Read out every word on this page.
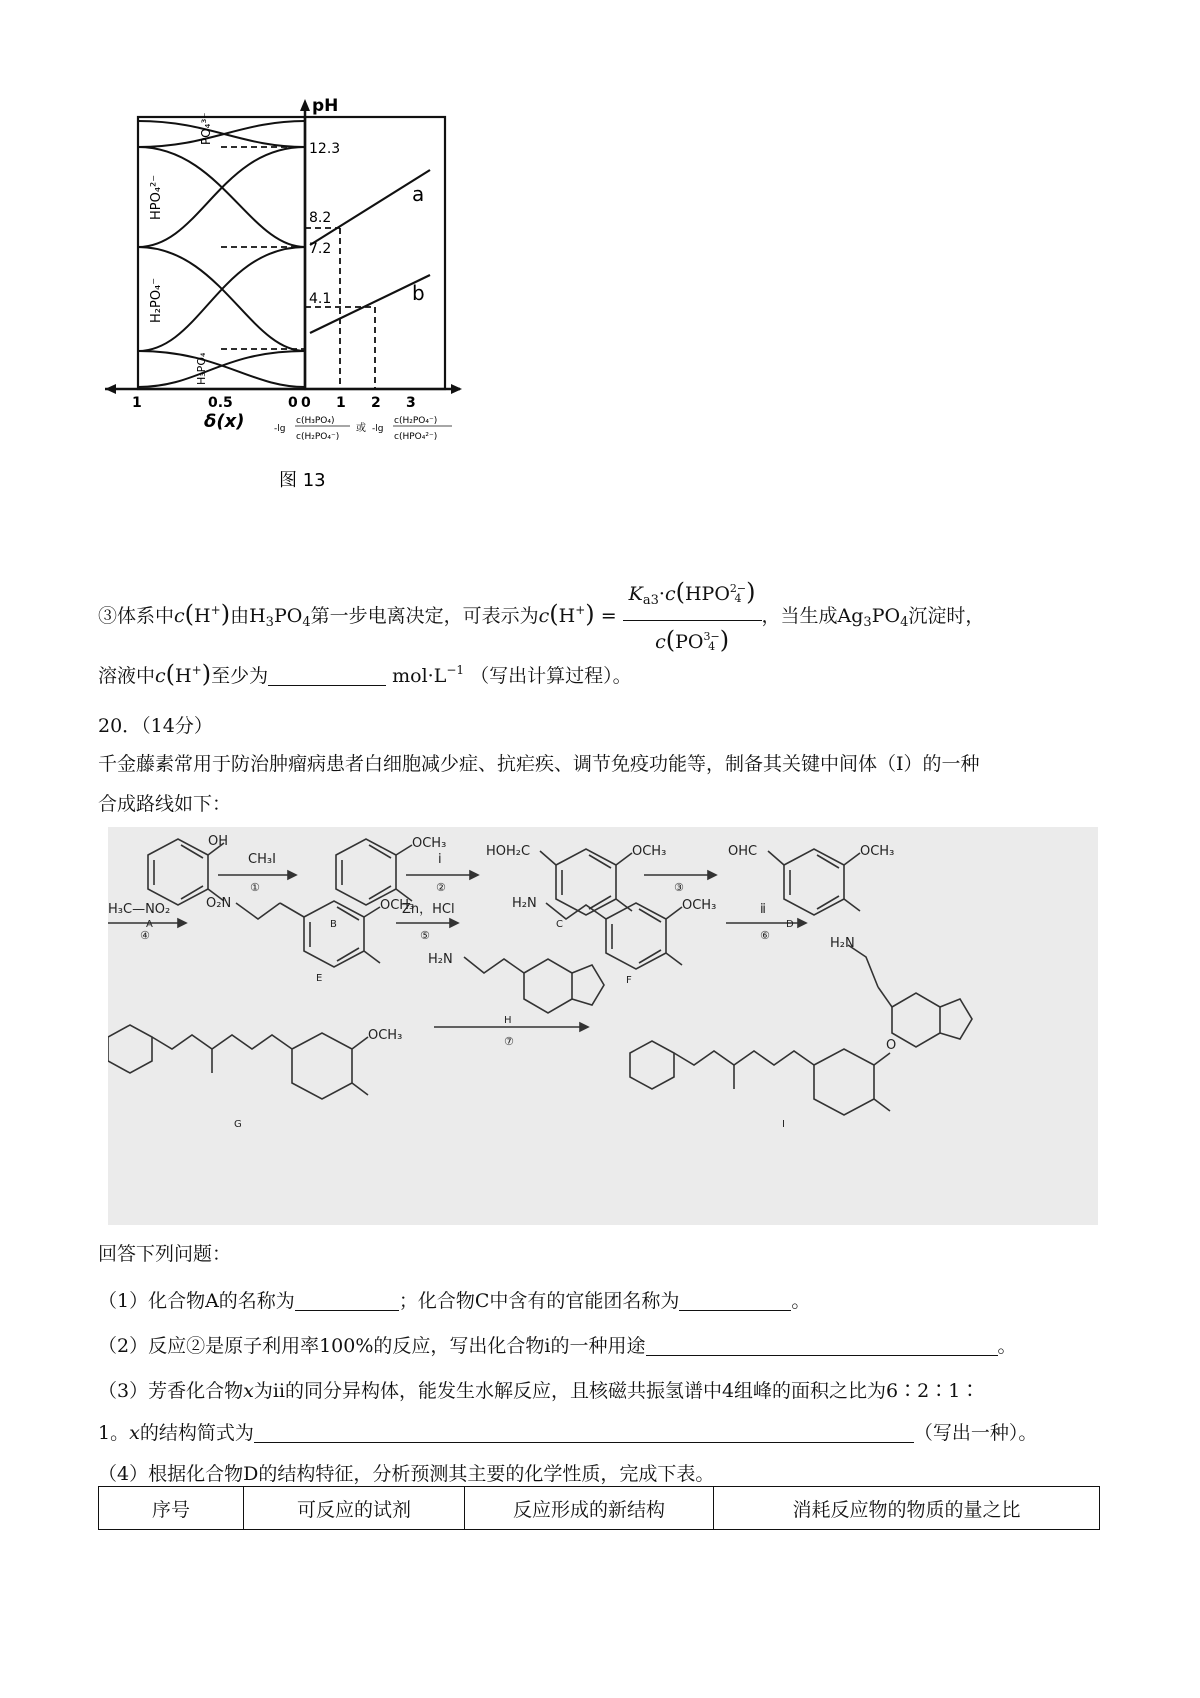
pH
a
b
12.3
8.2
7.2
4.1
PO₄³⁻
HPO₄²⁻
H₂PO₄⁻
H₃PO₄
1	0.5	0 0 1 2 3
δ(x)	-lg
c(H₃PO₄)
c(H₂PO₄⁻)
或 -lg
c(H₂PO₄⁻)
c(HPO₄²⁻)
图 13
③体系中c(H+)由$H_3PO_4$第一步电离决定，可表示为$c(H^+) = K_{a3}\cdot c(HPO$ 2−
4 )
c(PO 3−
4 ) ，当生成$Ag_3PO_4$沉淀时，
溶液中c(H+)至少为	$mol\cdot L^{-1}$ （写出计算过程）。
20．（14分）
千金藤素常用于防治肿瘤病患者白细胞减少症、抗疟疾、调节免疫功能等，制备其关键中间体（I）的一种
合成路线如下：
OH	OCH₃
HOH₂C	OCH₃	OHC	OCH₃
O₂N	OCH₃	H₂N	OCH₃
OCH₃
H₂N
H₂N
O
CH₃I	ⅰ
H₃C—NO₂	Zn，HCl	ⅱ
①	②	③
④	⑤	⑥
⑦
A	B	C	D
E	F
G
H
I
回答下列问题：
（1）化合物A的名称为	；化合物C中含有的官能团名称为	。
（2）反应②是原子利用率100%的反应，写出化合物ⅰ的一种用途	。
（3）芳香化合物x为ⅱ的同分异构体，能发生水解反应，且核磁共振氢谱中4组峰的面积之比为6∶2∶1∶
1。x的结构简式为	（写出一种）。
（4）根据化合物D的结构特征，分析预测其主要的化学性质，完成下表。
序号	可反应的试剂	反应形成的新结构	消耗反应物的物质的量之比
